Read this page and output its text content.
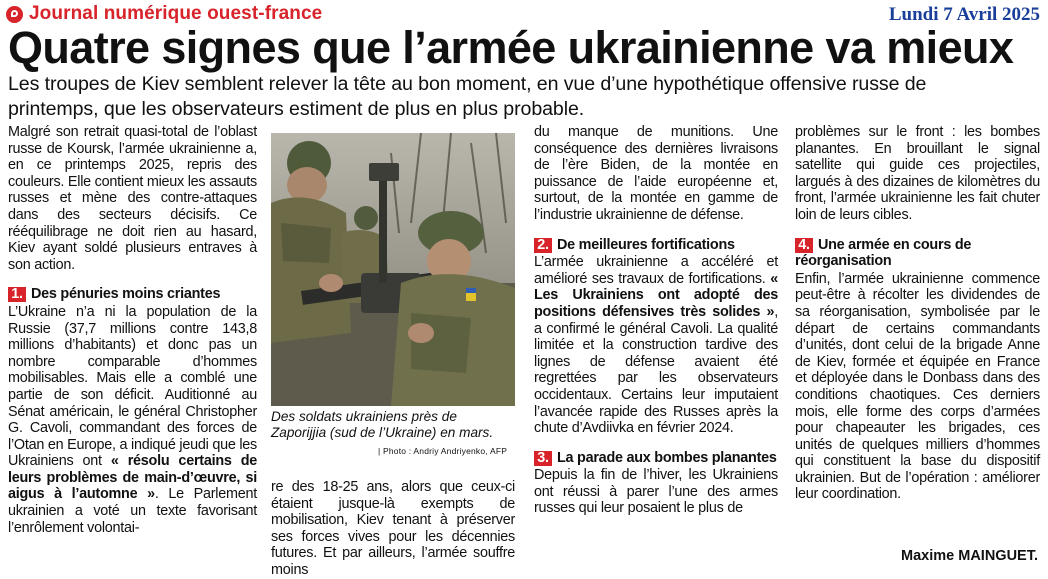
Journal numérique ouest-france	Lundi 7 Avril 2025
Quatre signes que l’armée ukrainienne va mieux

Les troupes de Kiev semblent relever la tête au bon moment, en vue d’une hypothétique offensive russe de printemps, que les observateurs estiment de plus en plus probable.

Malgré son retrait quasi-total de l’oblast russe de Koursk, l’armée ukrainienne a, en ce printemps 2025, repris des couleurs. Elle contient mieux les assauts russes et mène des contre-attaques dans des secteurs décisifs. Ce rééquilibrage ne doit rien au hasard, Kiev ayant soldé plusieurs entraves à son action.

1. Des pénuries moins criantes

L’Ukraine n’a ni la population de la Russie (37,7 millions contre 143,8 millions d’habitants) et donc pas un nombre comparable d’hommes mobilisables. Mais elle a comblé une partie de son déficit. Auditionné au Sénat américain, le général Christopher G. Cavoli, commandant des forces de l’Otan en Europe, a indiqué jeudi que les Ukrainiens ont « résolu certains de leurs problèmes de main-d’œuvre, si aigus à l’automne ». Le Parlement ukrainien a voté un texte favorisant l’enrôlement volontai-

Des soldats ukrainiens près de Zaporijjia (sud de l’Ukraine) en mars.
| Photo : Andriy Andriyenko, AFP

re des 18-25 ans, alors que ceux-ci étaient jusque-là exempts de mobilisation, Kiev tenant à préserver ses forces vives pour les décennies futures. Et par ailleurs, l’armée souffre moins

du manque de munitions. Une conséquence des dernières livraisons de l’ère Biden, de la montée en puissance de l’aide européenne et, surtout, de la montée en gamme de l’industrie ukrainienne de défense.

2. De meilleures fortifications

L’armée ukrainienne a accéléré et amélioré ses travaux de fortifications. « Les Ukrainiens ont adopté des positions défensives très solides », a confirmé le général Cavoli. La qualité limitée et la construction tardive des lignes de défense avaient été regrettées par les observateurs occidentaux. Certains leur imputaient l’avancée rapide des Russes après la chute d’Avdiivka en février 2024.

3. La parade aux bombes planantes

Depuis la fin de l’hiver, les Ukrainiens ont réussi à parer l’une des armes russes qui leur posaient le plus de

problèmes sur le front : les bombes planantes. En brouillant le signal satellite qui guide ces projectiles, largués à des dizaines de kilomètres du front, l’armée ukrainienne les fait chuter loin de leurs cibles.

4. Une armée en cours de réorganisation

Enfin, l’armée ukrainienne commence peut-être à récolter les dividendes de sa réorganisation, symbolisée par le départ de certains commandants d’unités, dont celui de la brigade Anne de Kiev, formée et équipée en France et déployée dans le Donbass dans des conditions chaotiques. Ces derniers mois, elle forme des corps d’armées pour chapeauter les brigades, ces unités de quelques milliers d’hommes qui constituent la base du dispositif ukrainien. But de l’opération : améliorer leur coordination.

Maxime MAINGUET.
